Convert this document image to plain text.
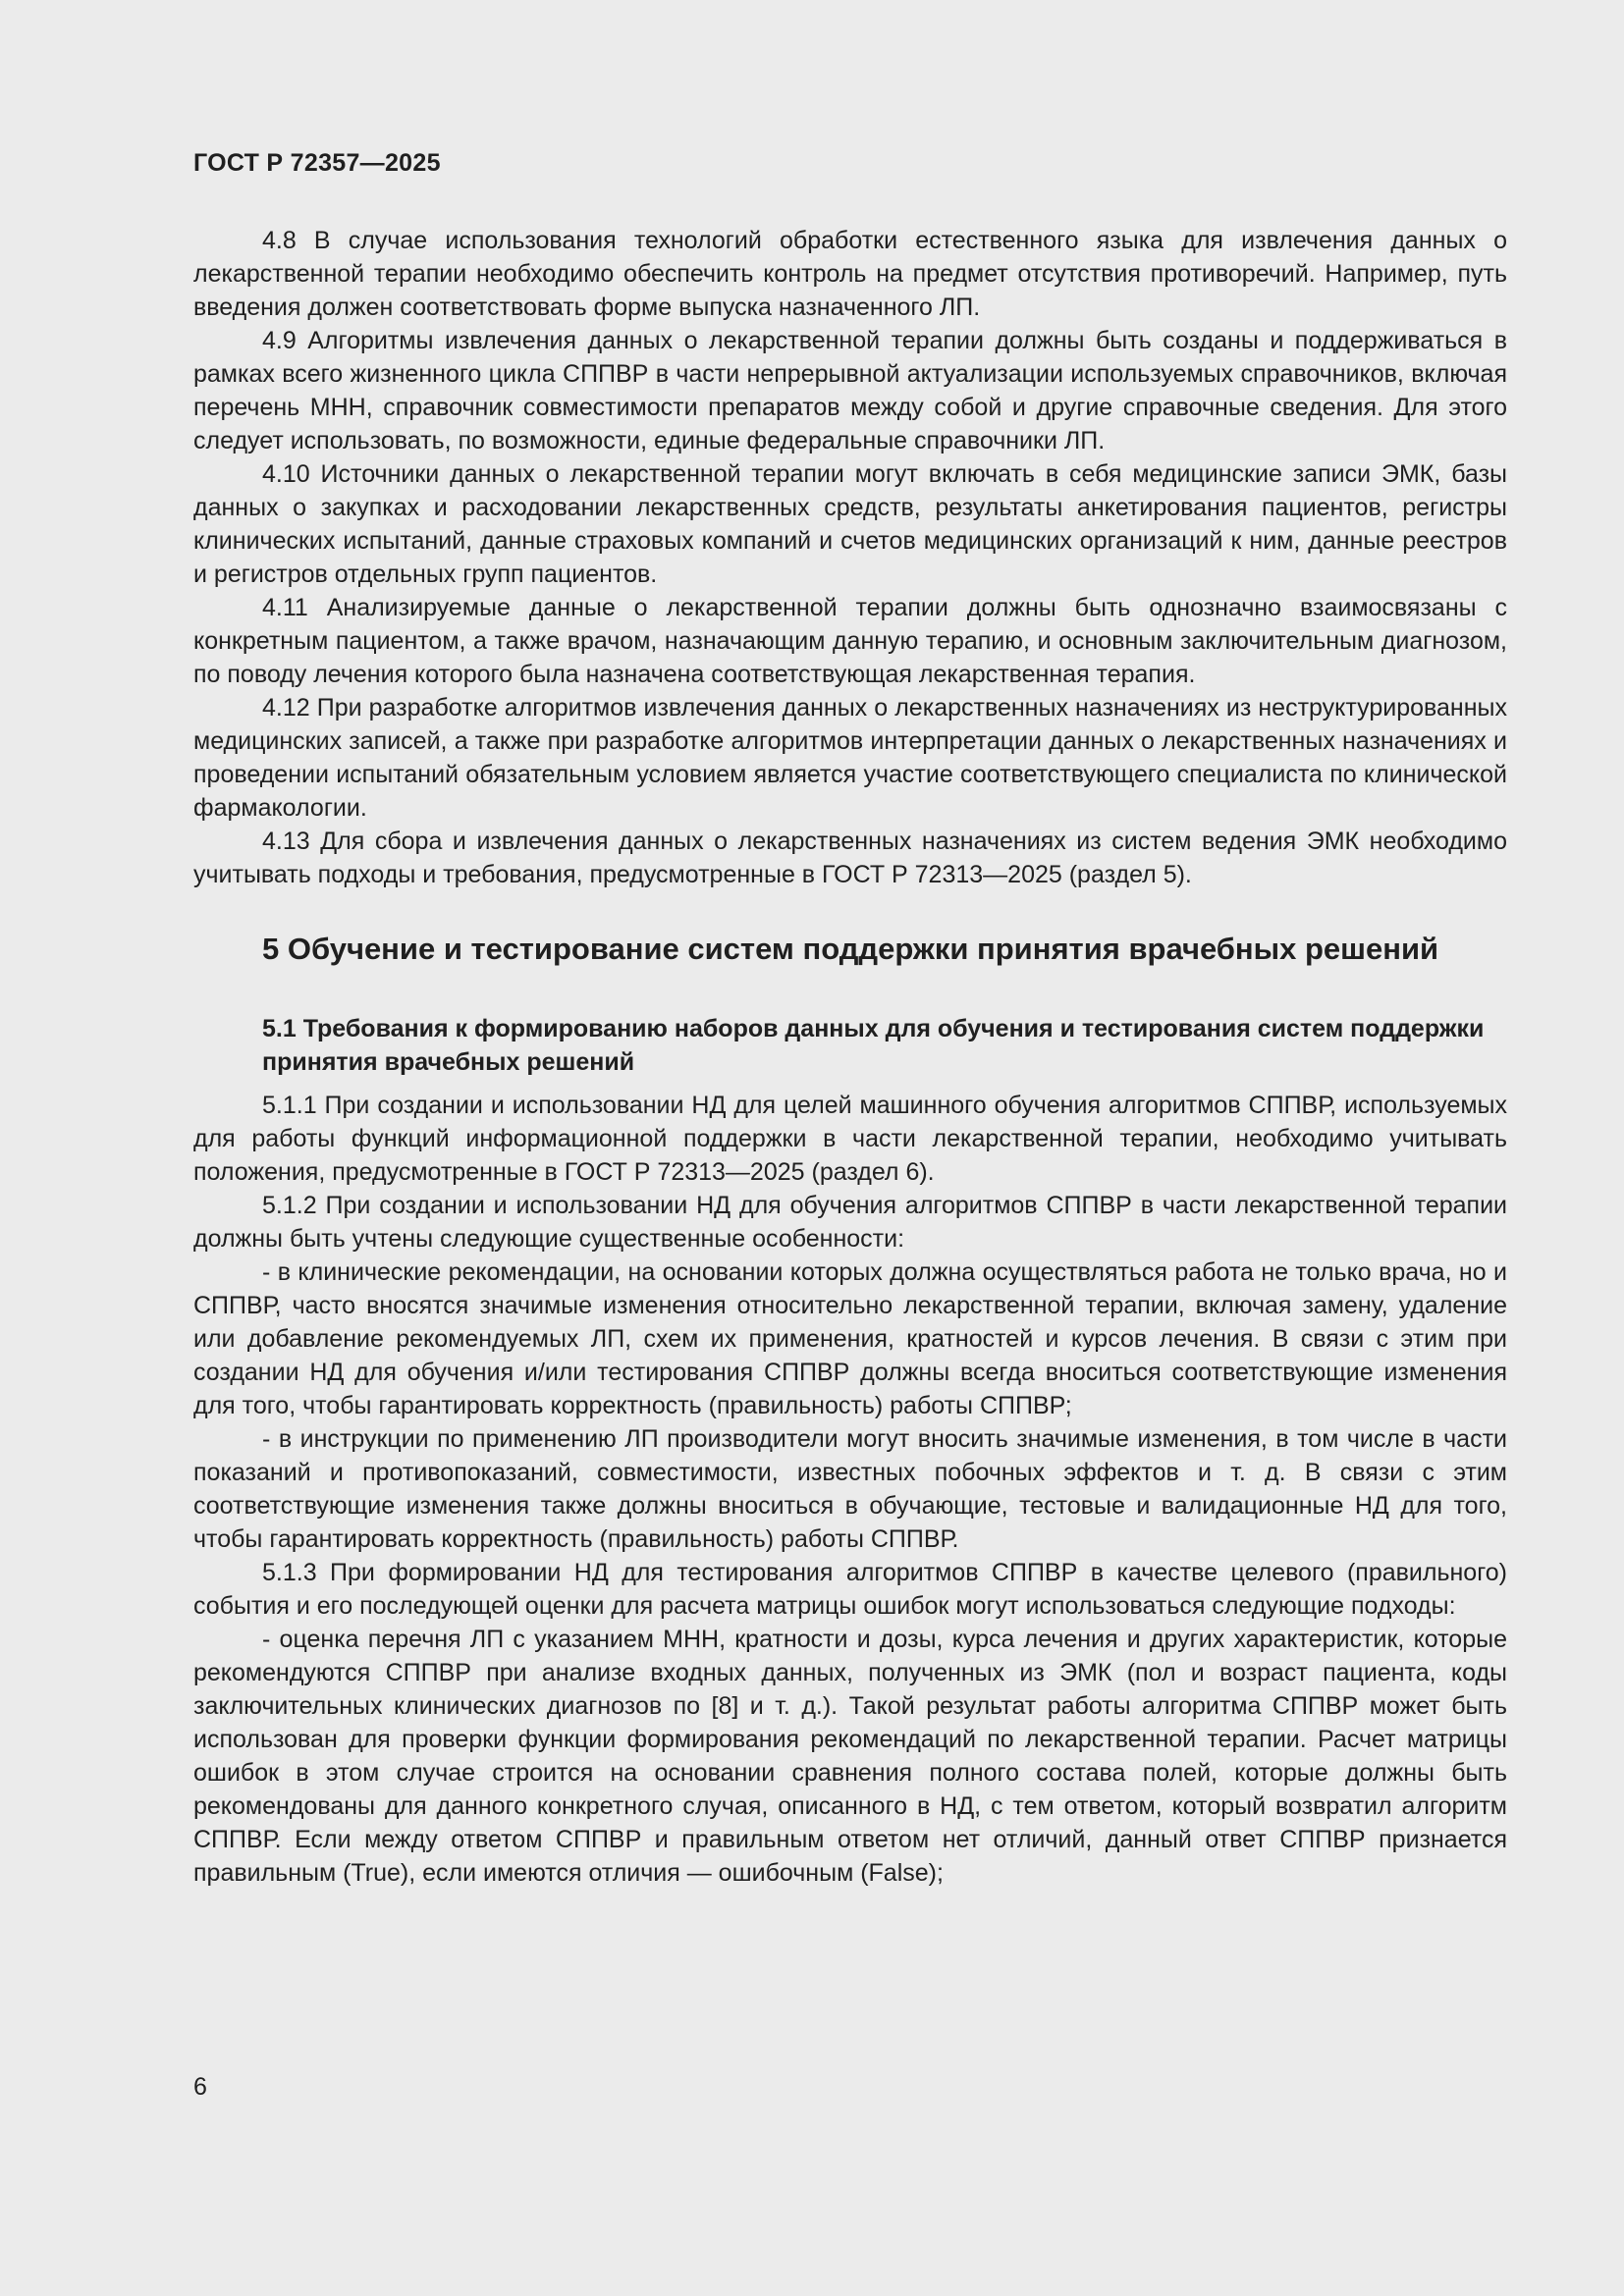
ГОСТ Р 72357—2025

4.8 В случае использования технологий обработки естественного языка для извлечения данных о лекарственной терапии необходимо обеспечить контроль на предмет отсутствия противоречий. Например, путь введения должен соответствовать форме выпуска назначенного ЛП.

4.9 Алгоритмы извлечения данных о лекарственной терапии должны быть созданы и поддерживаться в рамках всего жизненного цикла СППВР в части непрерывной актуализации используемых справочников, включая перечень МНН, справочник совместимости препаратов между собой и другие справочные сведения. Для этого следует использовать, по возможности, единые федеральные справочники ЛП.

4.10 Источники данных о лекарственной терапии могут включать в себя медицинские записи ЭМК, базы данных о закупках и расходовании лекарственных средств, результаты анкетирования пациентов, регистры клинических испытаний, данные страховых компаний и счетов медицинских организаций к ним, данные реестров и регистров отдельных групп пациентов.

4.11 Анализируемые данные о лекарственной терапии должны быть однозначно взаимосвязаны с конкретным пациентом, а также врачом, назначающим данную терапию, и основным заключительным диагнозом, по поводу лечения которого была назначена соответствующая лекарственная терапия.

4.12 При разработке алгоритмов извлечения данных о лекарственных назначениях из неструктурированных медицинских записей, а также при разработке алгоритмов интерпретации данных о лекарственных назначениях и проведении испытаний обязательным условием является участие соответствующего специалиста по клинической фармакологии.

4.13 Для сбора и извлечения данных о лекарственных назначениях из систем ведения ЭМК необходимо учитывать подходы и требования, предусмотренные в ГОСТ Р 72313—2025 (раздел 5).

5 Обучение и тестирование систем поддержки принятия врачебных решений
5.1 Требования к формированию наборов данных для обучения и тестирования систем поддержки принятия врачебных решений

5.1.1 При создании и использовании НД для целей машинного обучения алгоритмов СППВР, используемых для работы функций информационной поддержки в части лекарственной терапии, необходимо учитывать положения, предусмотренные в ГОСТ Р 72313—2025 (раздел 6).

5.1.2 При создании и использовании НД для обучения алгоритмов СППВР в части лекарственной терапии должны быть учтены следующие существенные особенности:

- в клинические рекомендации, на основании которых должна осуществляться работа не только врача, но и СППВР, часто вносятся значимые изменения относительно лекарственной терапии, включая замену, удаление или добавление рекомендуемых ЛП, схем их применения, кратностей и курсов лечения. В связи с этим при создании НД для обучения и/или тестирования СППВР должны всегда вноситься соответствующие изменения для того, чтобы гарантировать корректность (правильность) работы СППВР;

- в инструкции по применению ЛП производители могут вносить значимые изменения, в том числе в части показаний и противопоказаний, совместимости, известных побочных эффектов и т. д. В связи с этим соответствующие изменения также должны вноситься в обучающие, тестовые и валидационные НД для того, чтобы гарантировать корректность (правильность) работы СППВР.

5.1.3 При формировании НД для тестирования алгоритмов СППВР в качестве целевого (правильного) события и его последующей оценки для расчета матрицы ошибок могут использоваться следующие подходы:

- оценка перечня ЛП с указанием МНН, кратности и дозы, курса лечения и других характеристик, которые рекомендуются СППВР при анализе входных данных, полученных из ЭМК (пол и возраст пациента, коды заключительных клинических диагнозов по [8] и т. д.). Такой результат работы алгоритма СППВР может быть использован для проверки функции формирования рекомендаций по лекарственной терапии. Расчет матрицы ошибок в этом случае строится на основании сравнения полного состава полей, которые должны быть рекомендованы для данного конкретного случая, описанного в НД, с тем ответом, который возвратил алгоритм СППВР. Если между ответом СППВР и правильным ответом нет отличий, данный ответ СППВР признается правильным (True), если имеются отличия — ошибочным (False);

6
